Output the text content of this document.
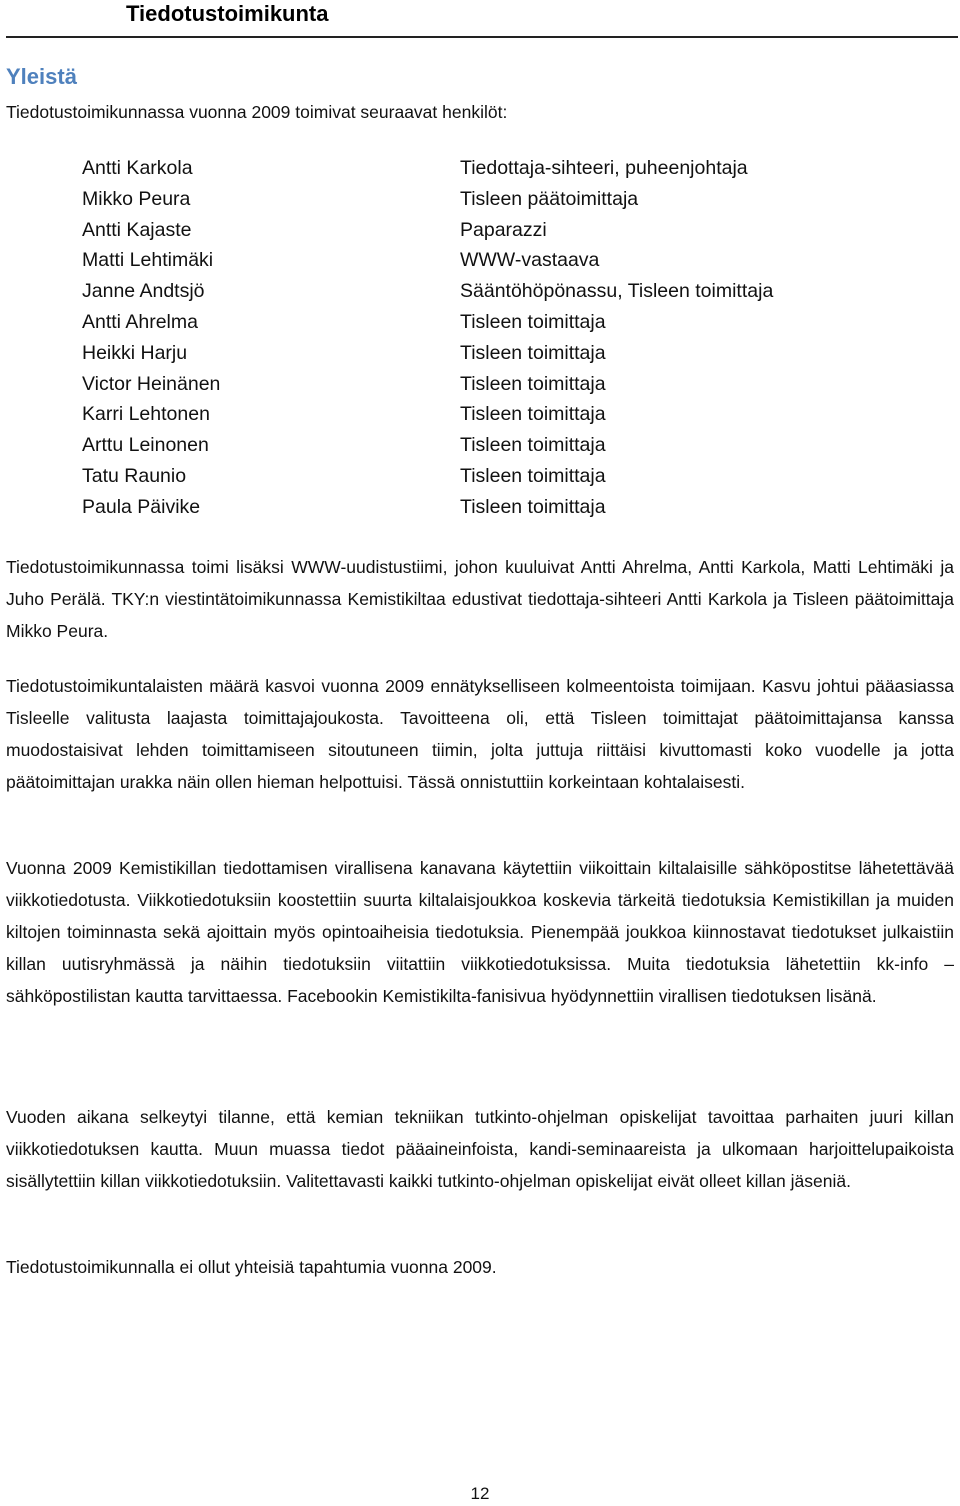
Tiedotustoimikunta
Yleistä
Tiedotustoimikunnassa vuonna 2009 toimivat seuraavat henkilöt:
Antti Karkola	Tiedottaja-sihteeri, puheenjohtaja
Mikko Peura	Tisleen päätoimittaja
Antti Kajaste	Paparazzi
Matti Lehtimäki	WWW-vastaava
Janne Andtsjö	Sääntöhöpönassu, Tisleen toimittaja
Antti Ahrelma	Tisleen toimittaja
Heikki Harju	Tisleen toimittaja
Victor Heinänen	Tisleen toimittaja
Karri Lehtonen	Tisleen toimittaja
Arttu Leinonen	Tisleen toimittaja
Tatu Raunio	Tisleen toimittaja
Paula Päivike	Tisleen toimittaja
Tiedotustoimikunnassa toimi lisäksi WWW-uudistustiimi, johon kuuluivat Antti Ahrelma, Antti Karkola, Matti Lehtimäki ja Juho Perälä. TKY:n viestintätoimikunnassa Kemistikiltaa edustivat tiedottaja-sihteeri Antti Karkola ja Tisleen päätoimittaja Mikko Peura.
Tiedotustoimikuntalaisten määrä kasvoi vuonna 2009 ennätykselliseen kolmeentoista toimijaan. Kasvu johtui pääasiassa Tisleelle valitusta laajasta toimittajajoukosta. Tavoitteena oli, että Tisleen toimittajat päätoimittajansa kanssa muodostaisivat lehden toimittamiseen sitoutuneen tiimin, jolta juttuja riittäisi kivuttomasti koko vuodelle ja jotta päätoimittajan urakka näin ollen hieman helpottuisi. Tässä onnistuttiin korkeintaan kohtalaisesti.
Vuonna 2009 Kemistikillan tiedottamisen virallisena kanavana käytettiin viikoittain kiltalaisille sähköpostitse lähetettävää viikkotiedotusta. Viikkotiedotuksiin koostettiin suurta kiltalaisjoukkoa koskevia tärkeitä tiedotuksia Kemistikillan ja muiden kiltojen toiminnasta sekä ajoittain myös opintoaiheisia tiedotuksia. Pienempää joukkoa kiinnostavat tiedotukset julkaistiin killan uutisryhmässä ja näihin tiedotuksiin viitattiin viikkotiedotuksissa. Muita tiedotuksia lähetettiin kk-info –sähköpostilistan kautta tarvittaessa. Facebookin Kemistikilta-fanisivua hyödynnettiin virallisen tiedotuksen lisänä.
Vuoden aikana selkeytyi tilanne, että kemian tekniikan tutkinto-ohjelman opiskelijat tavoittaa parhaiten juuri killan viikkotiedotuksen kautta. Muun muassa tiedot pääaineinfoista, kandi-seminaareista ja ulkomaan harjoittelupaikoista sisällytettiin killan viikkotiedotuksiin. Valitettavasti kaikki tutkinto-ohjelman opiskelijat eivät olleet killan jäseniä.
Tiedotustoimikunnalla ei ollut yhteisiä tapahtumia vuonna 2009.
12
